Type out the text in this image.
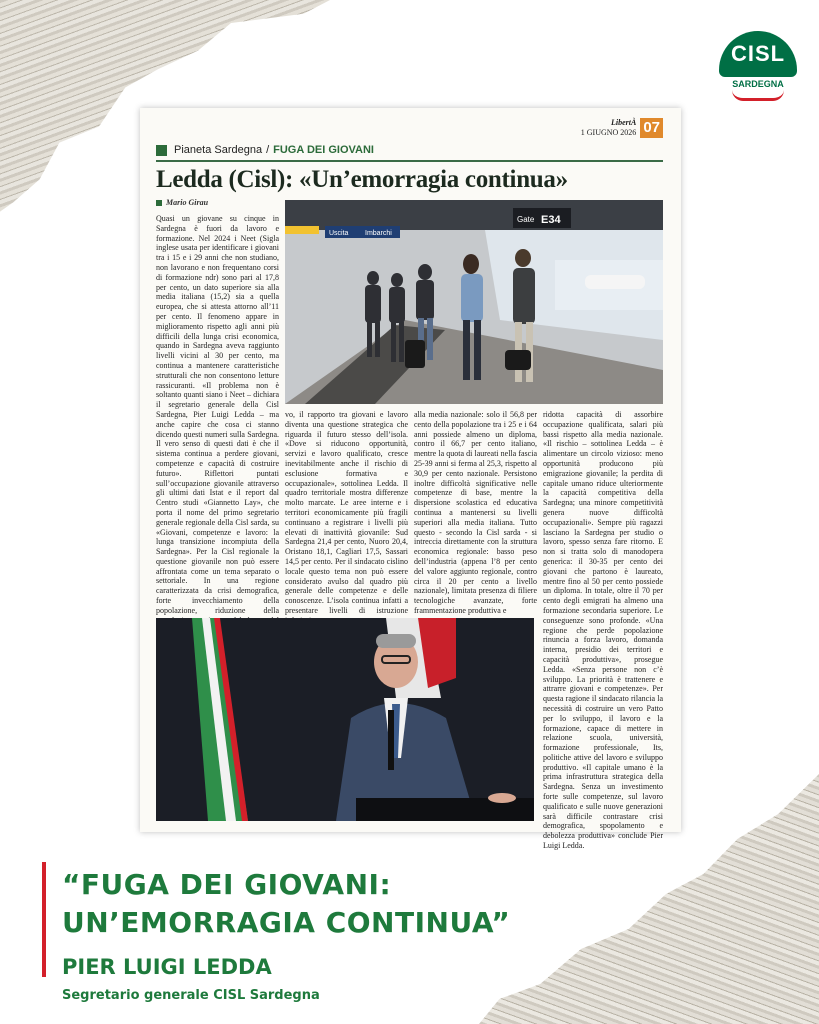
CISL
SARDEGNA
LibertÀ
1 GIUGNO 2026 07
Pianeta Sardegna / FUGA DEI GIOVANI
Ledda (Cisl): «Un’emorragia continua»
Mario Girau
Quasi un giovane su cinque in Sardegna è fuori da lavoro e formazione. Nel 2024 i Neet (Sigla inglese usata per identificare i giovani tra i 15 e i 29 anni che non studiano, non lavorano e non frequentano corsi di formazione ndr) sono pari al 17,8 per cento, un dato superiore sia alla media italiana (15,2) sia a quella europea, che si attesta attorno all’11 per cento. Il fenomeno appare in miglioramento rispetto agli anni più difficili della lunga crisi economica, quando in Sardegna aveva raggiunto livelli vicini al 30 per cento, ma continua a mantenere caratteristiche strutturali che non consentono letture rassicuranti. «Il problema non è soltanto quanti siano i Neet – dichiara il segretario generale della Cisl Sardegna, Pier Luigi Ledda – ma anche capire che cosa ci stanno dicendo questi numeri sulla Sardegna. Il vero senso di questi dati è che il sistema continua a perdere giovani, competenze e capacità di costruire futuro». Riflettori puntati sull’occupazione giovanile attraverso gli ultimi dati Istat e il report dal Centro studi «Giannetto Lay», che porta il nome del primo segretario generale regionale della Cisl sarda, su «Giovani, competenze e lavoro: la lunga transizione incompiuta della Sardegna». Per la Cisl regionale la questione giovanile non può essere affrontata come un tema separato o settoriale. In una regione caratterizzata da crisi demografica, forte invecchiamento della popolazione, riduzione della
Uscita Imbarchi
Gate E34
vo, il rapporto tra giovani e lavoro diventa una questione strategica che riguarda il futuro stesso dell’isola. «Dove si riducono opportunità, servizi e lavoro qualificato, cresce inevitabilmente anche il rischio di esclusione formativa e occupazionale», sottolinea Ledda. Il quadro territoriale mostra differenze molto marcate. Le aree interne e i territori economicamente più fragili continuano a registrare i livelli più elevati di inattività giovanile: Sud Sardegna 21,4 per cento, Nuoro 20,4, Oristano 18,1, Cagliari 17,5, Sassari 14,5 per cento. Per il sindacato cislino locale questo tema non può essere considerato avulso dal quadro più generale delle competenze e delle conoscenze. L’isola continua infatti a presentare livelli di istruzione
alla media nazionale: solo il 56,8 per cento della popolazione tra i 25 e i 64 anni possiede almeno un diploma, contro il 66,7 per cento italiano, mentre la quota di laureati nella fascia 25-39 anni si ferma al 25,3, rispetto al 30,9 per cento nazionale. Persistono inoltre difficoltà significative nelle competenze di base, mentre la dispersione scolastica ed educativa continua a mantenersi su livelli superiori alla media italiana. Tutto questo - secondo la Cisl sarda - si intreccia direttamente con la struttura economica regionale: basso peso dell’industria (appena l’8 per cento del valore aggiunto regionale, contro circa il 20 per cento a livello nazionale), limitata presenza di filiere tecnologiche avanzate, forte frammentazione produttiva e
ridotta capacità di assorbire occupazione qualificata, salari più bassi rispetto alla media nazionale. «Il rischio – sottolinea Ledda – è alimentare un circolo vizioso: meno opportunità producono più emigrazione giovanile; la perdita di capitale umano riduce ulteriormente la capacità competitiva della Sardegna; una minore competitività genera nuove difficoltà occupazionali». Sempre più ragazzi lasciano la Sardegna per studio o lavoro, spesso senza fare ritorno. E non si tratta solo di manodopera generica: il 30-35 per cento dei giovani che partono è laureato, mentre fino al 50 per cento possiede un diploma. In totale, oltre il 70 per cento degli emigrati ha almeno una formazione secondaria superiore. Le conseguenze sono profonde. «Una regione che perde popolazione rinuncia a forza lavoro, domanda interna, presidio dei territori e capacità produttiva», prosegue Ledda. «Senza persone non c’è sviluppo. La priorità è trattenere e attrarre giovani e competenze». Per questa ragione il sindacato rilancia la necessità di costruire un vero Patto per lo sviluppo, il lavoro e la formazione, capace di mettere in relazione scuola, università, formazione professionale, Its, politiche attive del lavoro e sviluppo produttivo. «Il capitale umano è la prima infrastruttura strategica della Sardegna. Senza un investimento forte sulle competenze, sul lavoro qualificato e sulle nuove generazioni sarà difficile contrastare crisi demografica, spopolamento e debolezza produttiva» conclude Pier Luigi Ledda.
“FUGA DEI GIOVANI:
UN’EMORRAGIA CONTINUA”
PIER LUIGI LEDDA
Segretario generale CISL Sardegna
